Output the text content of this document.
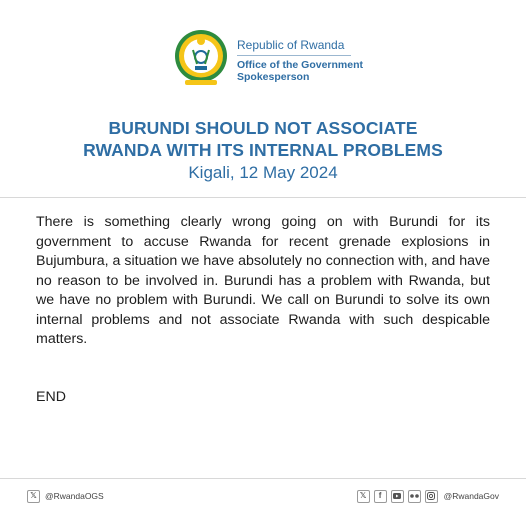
Republic of Rwanda
Office of the Government
Spokesperson
BURUNDI SHOULD NOT ASSOCIATE
RWANDA WITH ITS INTERNAL PROBLEMS
Kigali, 12 May 2024
There is something clearly wrong going on with Burundi for its government to accuse Rwanda for recent grenade explosions in Bujumbura, a situation we have absolutely no connection with, and have no reason to be involved in. Burundi has a problem with Rwanda, but we have no problem with Burundi. We call on Burundi to solve its own internal problems and not associate Rwanda with such despicable matters.
END
𝕏 @RwandaOGS	𝕏	f	@RwandaGov
